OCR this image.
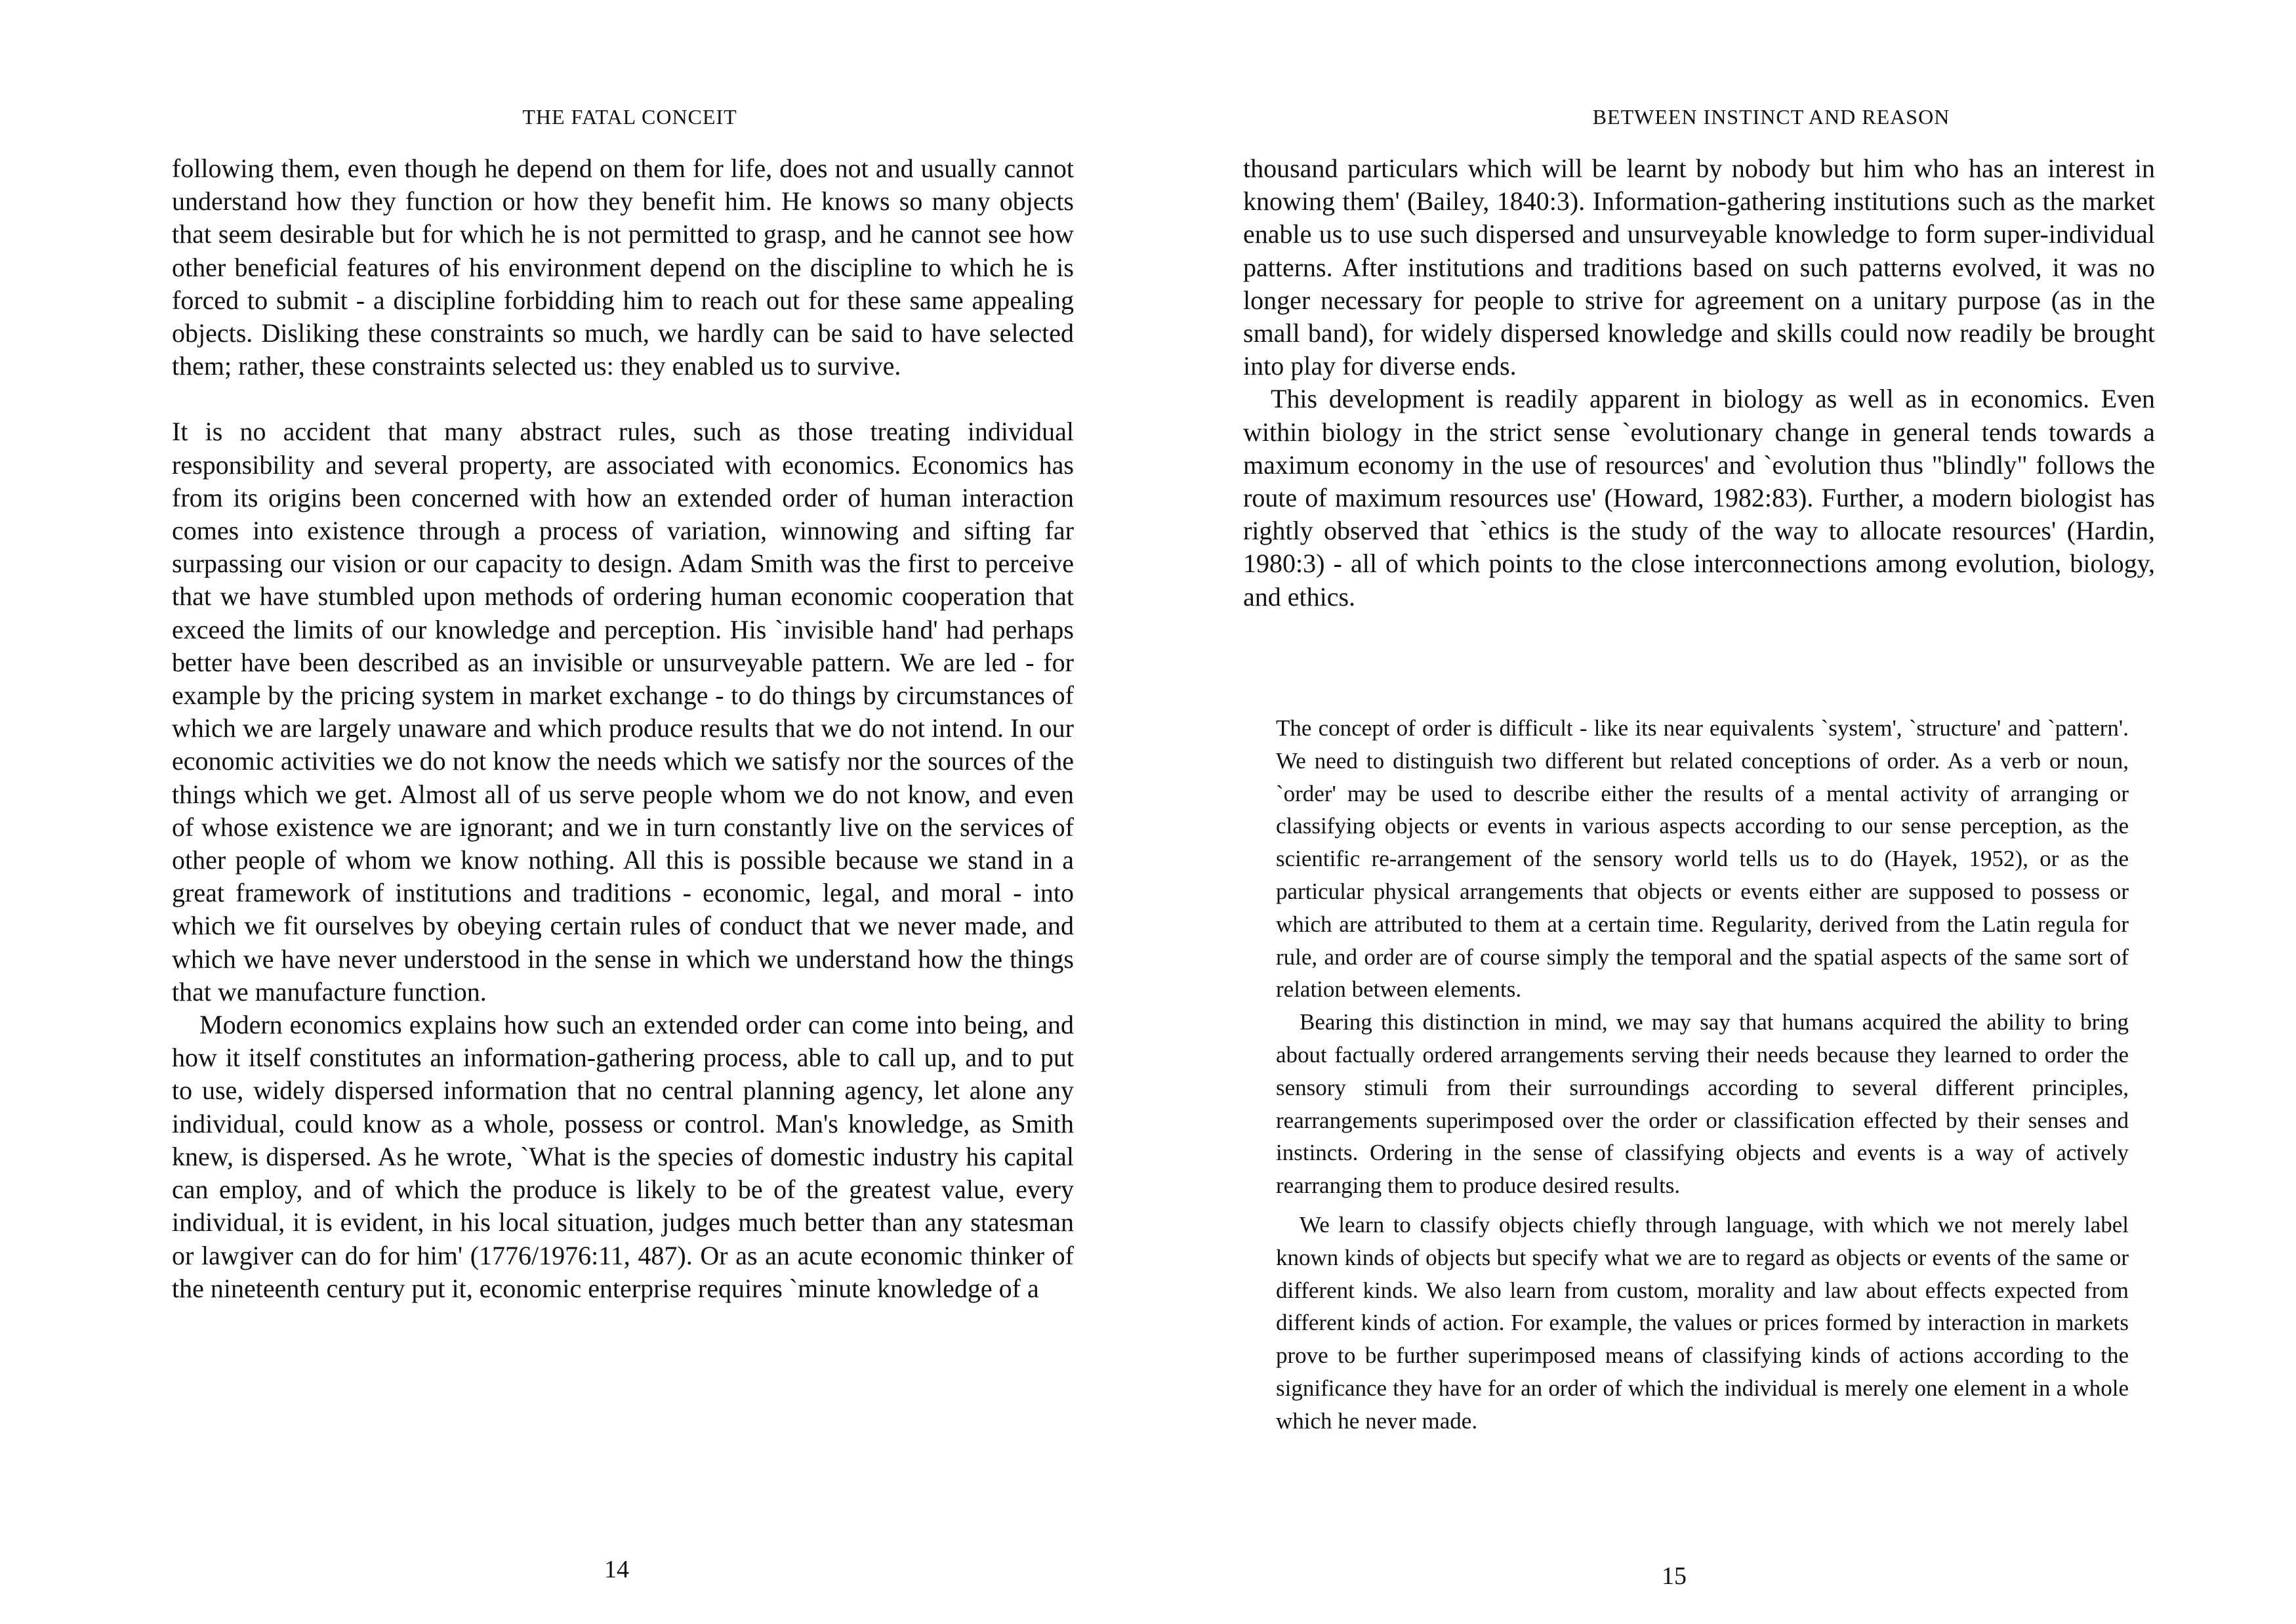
THE FATAL CONCEIT

following them, even though he depend on them for life, does not and usually cannot understand how they function or how they benefit him. He knows so many objects that seem desirable but for which he is not permitted to grasp, and he cannot see how other beneficial features of his environment depend on the discipline to which he is forced to submit - a discipline forbidding him to reach out for these same appealing objects. Disliking these constraints so much, we hardly can be said to have selected them; rather, these constraints selected us: they enabled us to survive.

It is no accident that many abstract rules, such as those treating individual responsibility and several property, are associated with economics. Economics has from its origins been concerned with how an extended order of human interaction comes into existence through a process of variation, winnowing and sifting far surpassing our vision or our capacity to design. Adam Smith was the first to perceive that we have stumbled upon methods of ordering human economic cooperation that exceed the limits of our knowledge and perception. His `invisible hand' had perhaps better have been described as an invisible or unsurveyable pattern. We are led - for example by the pricing system in market exchange - to do things by circumstances of which we are largely unaware and which produce results that we do not intend. In our economic activities we do not know the needs which we satisfy nor the sources of the things which we get. Almost all of us serve people whom we do not know, and even of whose existence we are ignorant; and we in turn constantly live on the services of other people of whom we know nothing. All this is possible because we stand in a great framework of institutions and traditions - economic, legal, and moral - into which we fit ourselves by obeying certain rules of conduct that we never made, and which we have never understood in the sense in which we understand how the things that we manufacture function.

Modern economics explains how such an extended order can come into being, and how it itself constitutes an information-gathering process, able to call up, and to put to use, widely dispersed information that no central planning agency, let alone any individual, could know as a whole, possess or control. Man's knowledge, as Smith knew, is dispersed. As he wrote, `What is the species of domestic industry his capital can employ, and of which the produce is likely to be of the greatest value, every individual, it is evident, in his local situation, judges much better than any statesman or lawgiver can do for him' (1776/1976:11, 487). Or as an acute economic thinker of the nineteenth century put it, economic enterprise requires `minute knowledge of a

14
BETWEEN INSTINCT AND REASON

thousand particulars which will be learnt by nobody but him who has an interest in knowing them' (Bailey, 1840:3). Information-gathering institutions such as the market enable us to use such dispersed and unsurveyable knowledge to form super-individual patterns. After institutions and traditions based on such patterns evolved, it was no longer necessary for people to strive for agreement on a unitary purpose (as in the small band), for widely dispersed knowledge and skills could now readily be brought into play for diverse ends.

This development is readily apparent in biology as well as in economics. Even within biology in the strict sense `evolutionary change in general tends towards a maximum economy in the use of resources' and `evolution thus "blindly" follows the route of maximum resources use' (Howard, 1982:83). Further, a modern biologist has rightly observed that `ethics is the study of the way to allocate resources' (Hardin, 1980:3) - all of which points to the close interconnections among evolution, biology, and ethics.

The concept of order is difficult - like its near equivalents `system', `structure' and `pattern'. We need to distinguish two different but related conceptions of order. As a verb or noun, `order' may be used to describe either the results of a mental activity of arranging or classifying objects or events in various aspects according to our sense perception, as the scientific re-arrangement of the sensory world tells us to do (Hayek, 1952), or as the particular physical arrangements that objects or events either are supposed to possess or which are attributed to them at a certain time. Regularity, derived from the Latin regula for rule, and order are of course simply the temporal and the spatial aspects of the same sort of relation between elements.

Bearing this distinction in mind, we may say that humans acquired the ability to bring about factually ordered arrangements serving their needs because they learned to order the sensory stimuli from their surroundings according to several different principles, rearrangements superimposed over the order or classification effected by their senses and instincts. Ordering in the sense of classifying objects and events is a way of actively rearranging them to produce desired results.

We learn to classify objects chiefly through language, with which we not merely label known kinds of objects but specify what we are to regard as objects or events of the same or different kinds. We also learn from custom, morality and law about effects expected from different kinds of action. For example, the values or prices formed by interaction in markets prove to be further superimposed means of classifying kinds of actions according to the significance they have for an order of which the individual is merely one element in a whole which he never made.

15
